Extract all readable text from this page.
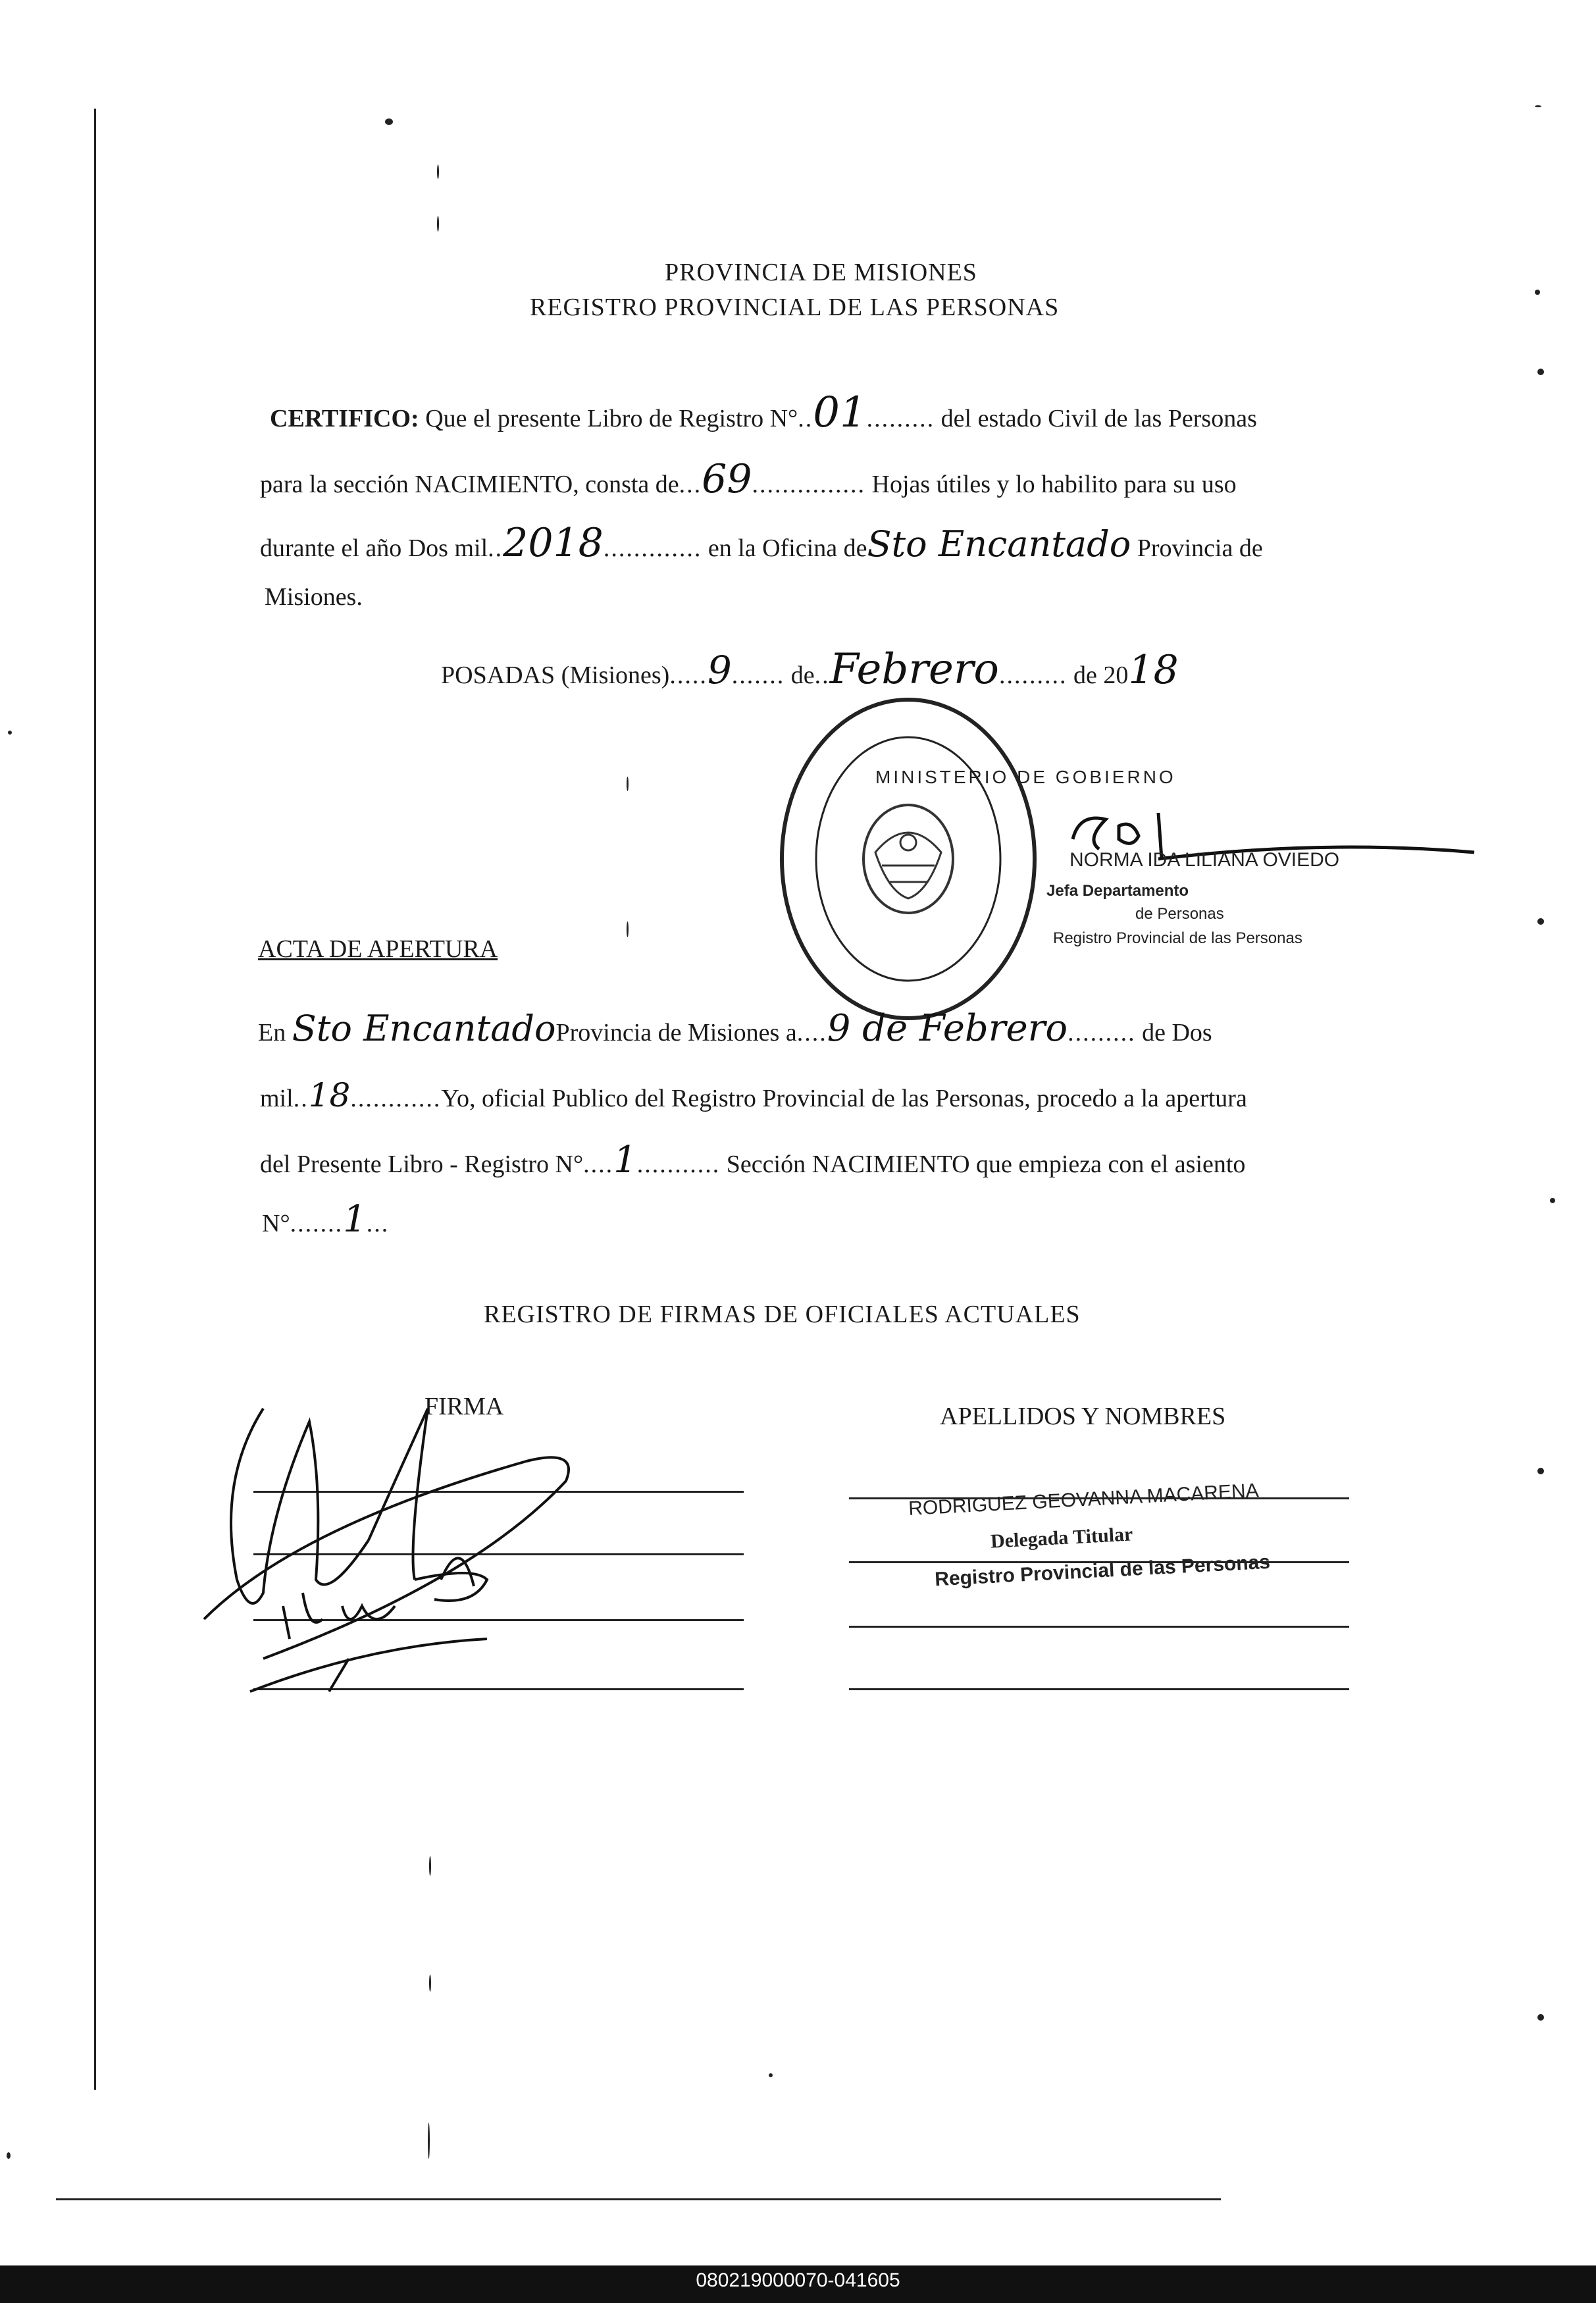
PROVINCIA DE MISIONES
REGISTRO PROVINCIAL DE LAS PERSONAS
CERTIFICO: Que el presente Libro de Registro N°..01......... del estado Civil de las Personas
para la sección NACIMIENTO, consta de...69............... Hojas útiles y lo habilito para su uso
durante el año Dos mil..2018............. en la Oficina deSto Encantado Provincia de
Misiones.
POSADAS (Misiones).....9....... de..Febrero......... de 2018
MINISTERIO DE GOBIERNO
NORMA IDA LILIANA OVIEDO
Jefa Departamento
de Personas
Registro Provincial de las Personas
ACTA DE APERTURA
En Sto EncantadoProvincia de Misiones a....9 de Febrero......... de Dos
mil..18............Yo, oficial Publico del Registro Provincial de las Personas, procedo a la apertura
del Presente Libro - Registro N°....1........... Sección NACIMIENTO que empieza con el asiento
N°.......1...
REGISTRO DE FIRMAS DE OFICIALES ACTUALES
FIRMA	APELLIDOS Y NOMBRES
RODRIGUEZ GEOVANNA MACARENA
Delegada Titular
Registro Provincial de las Personas
080219000070-041605
